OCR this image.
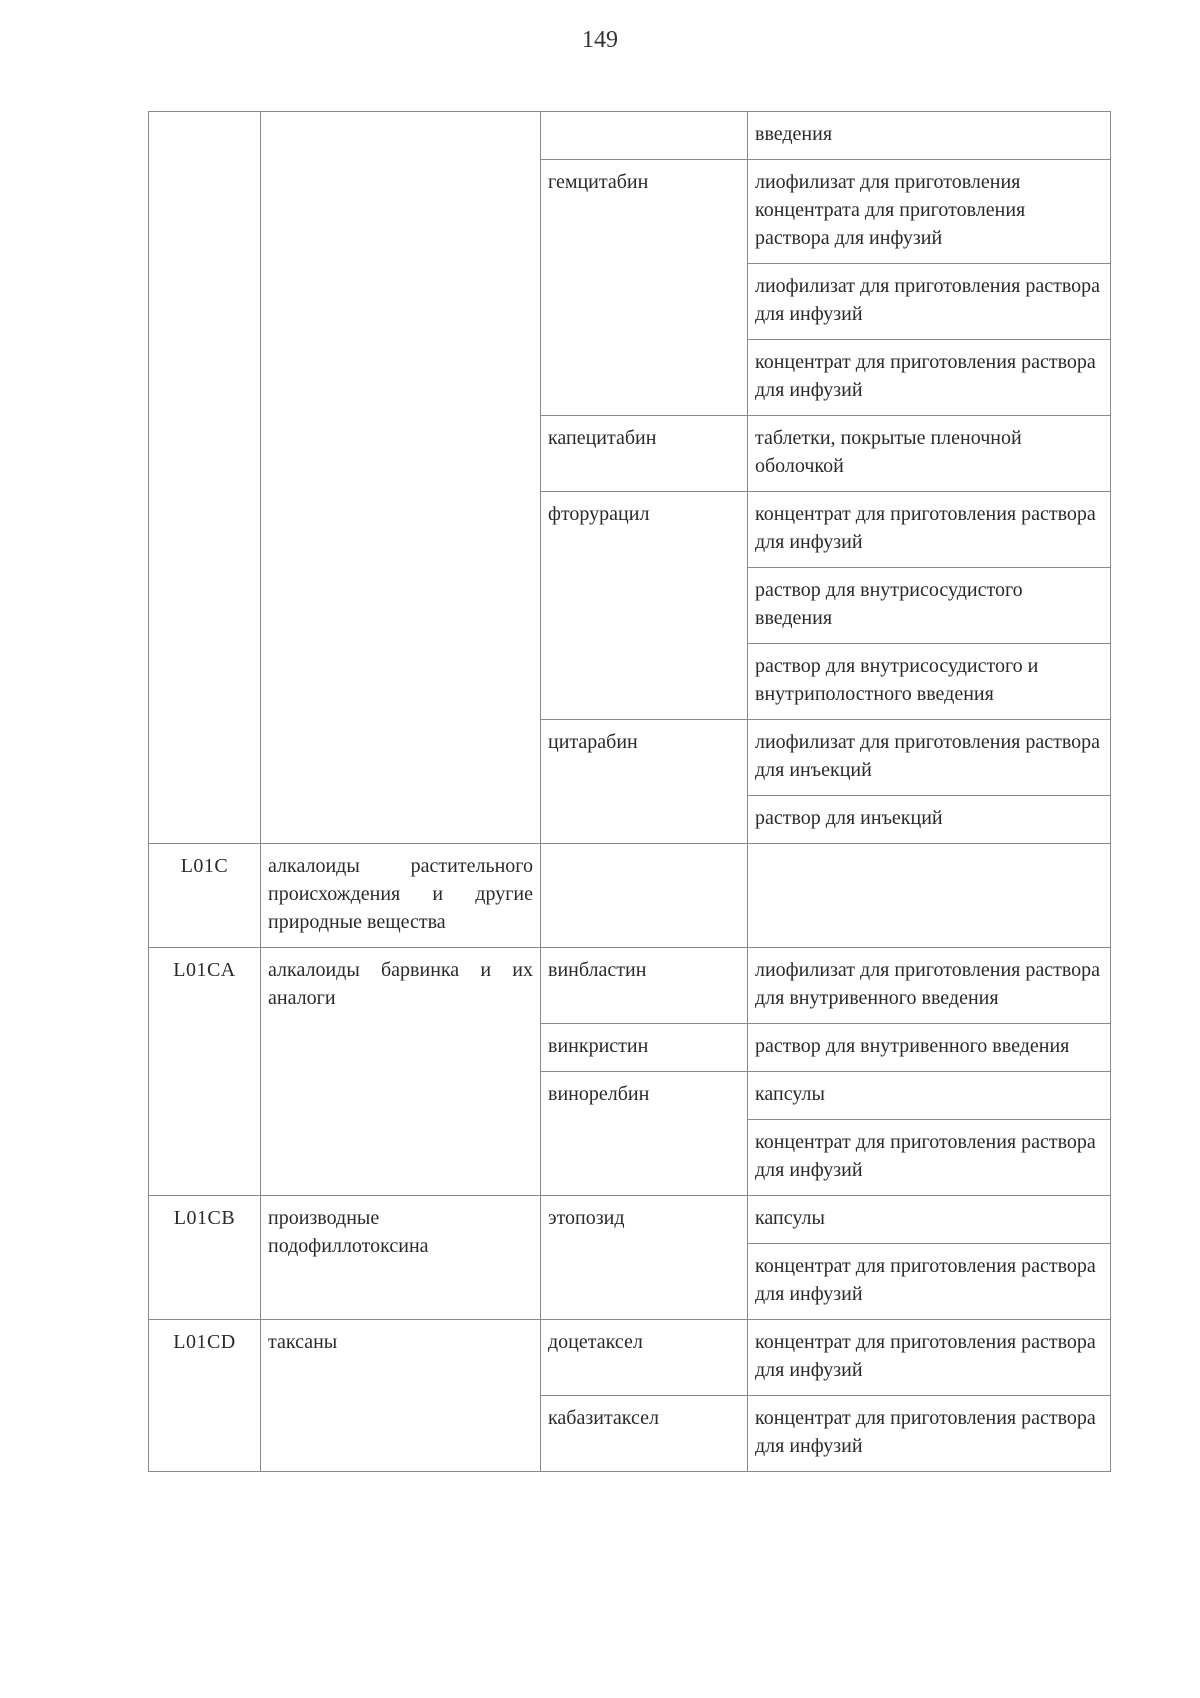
149
			введения
		гемцитабин	лиофилизат для приготовления концентрата для приготовления раствора для инфузий
			лиофилизат для приготовления раствора для инфузий
			концентрат для приготовления раствора для инфузий
		капецитабин	таблетки, покрытые пленочной оболочкой
		фторурацил	концентрат для приготовления раствора для инфузий
			раствор для внутрисосудистого введения
			раствор для внутрисосудистого и внутриполостного введения
		цитарабин	лиофилизат для приготовления раствора для инъекций
			раствор для инъекций
L01C	алкалоиды растительного происхождения и другие природные вещества		
L01CA	алкалоиды барвинка и их аналоги	винбластин	лиофилизат для приготовления раствора для внутривенного введения
		винкристин	раствор для внутривенного введения
		винорелбин	капсулы
			концентрат для приготовления раствора для инфузий
L01CB	производные подофиллотоксина	этопозид	капсулы
			концентрат для приготовления раствора для инфузий
L01CD	таксаны	доцетаксел	концентрат для приготовления раствора для инфузий
		кабазитаксел	концентрат для приготовления раствора для инфузий
